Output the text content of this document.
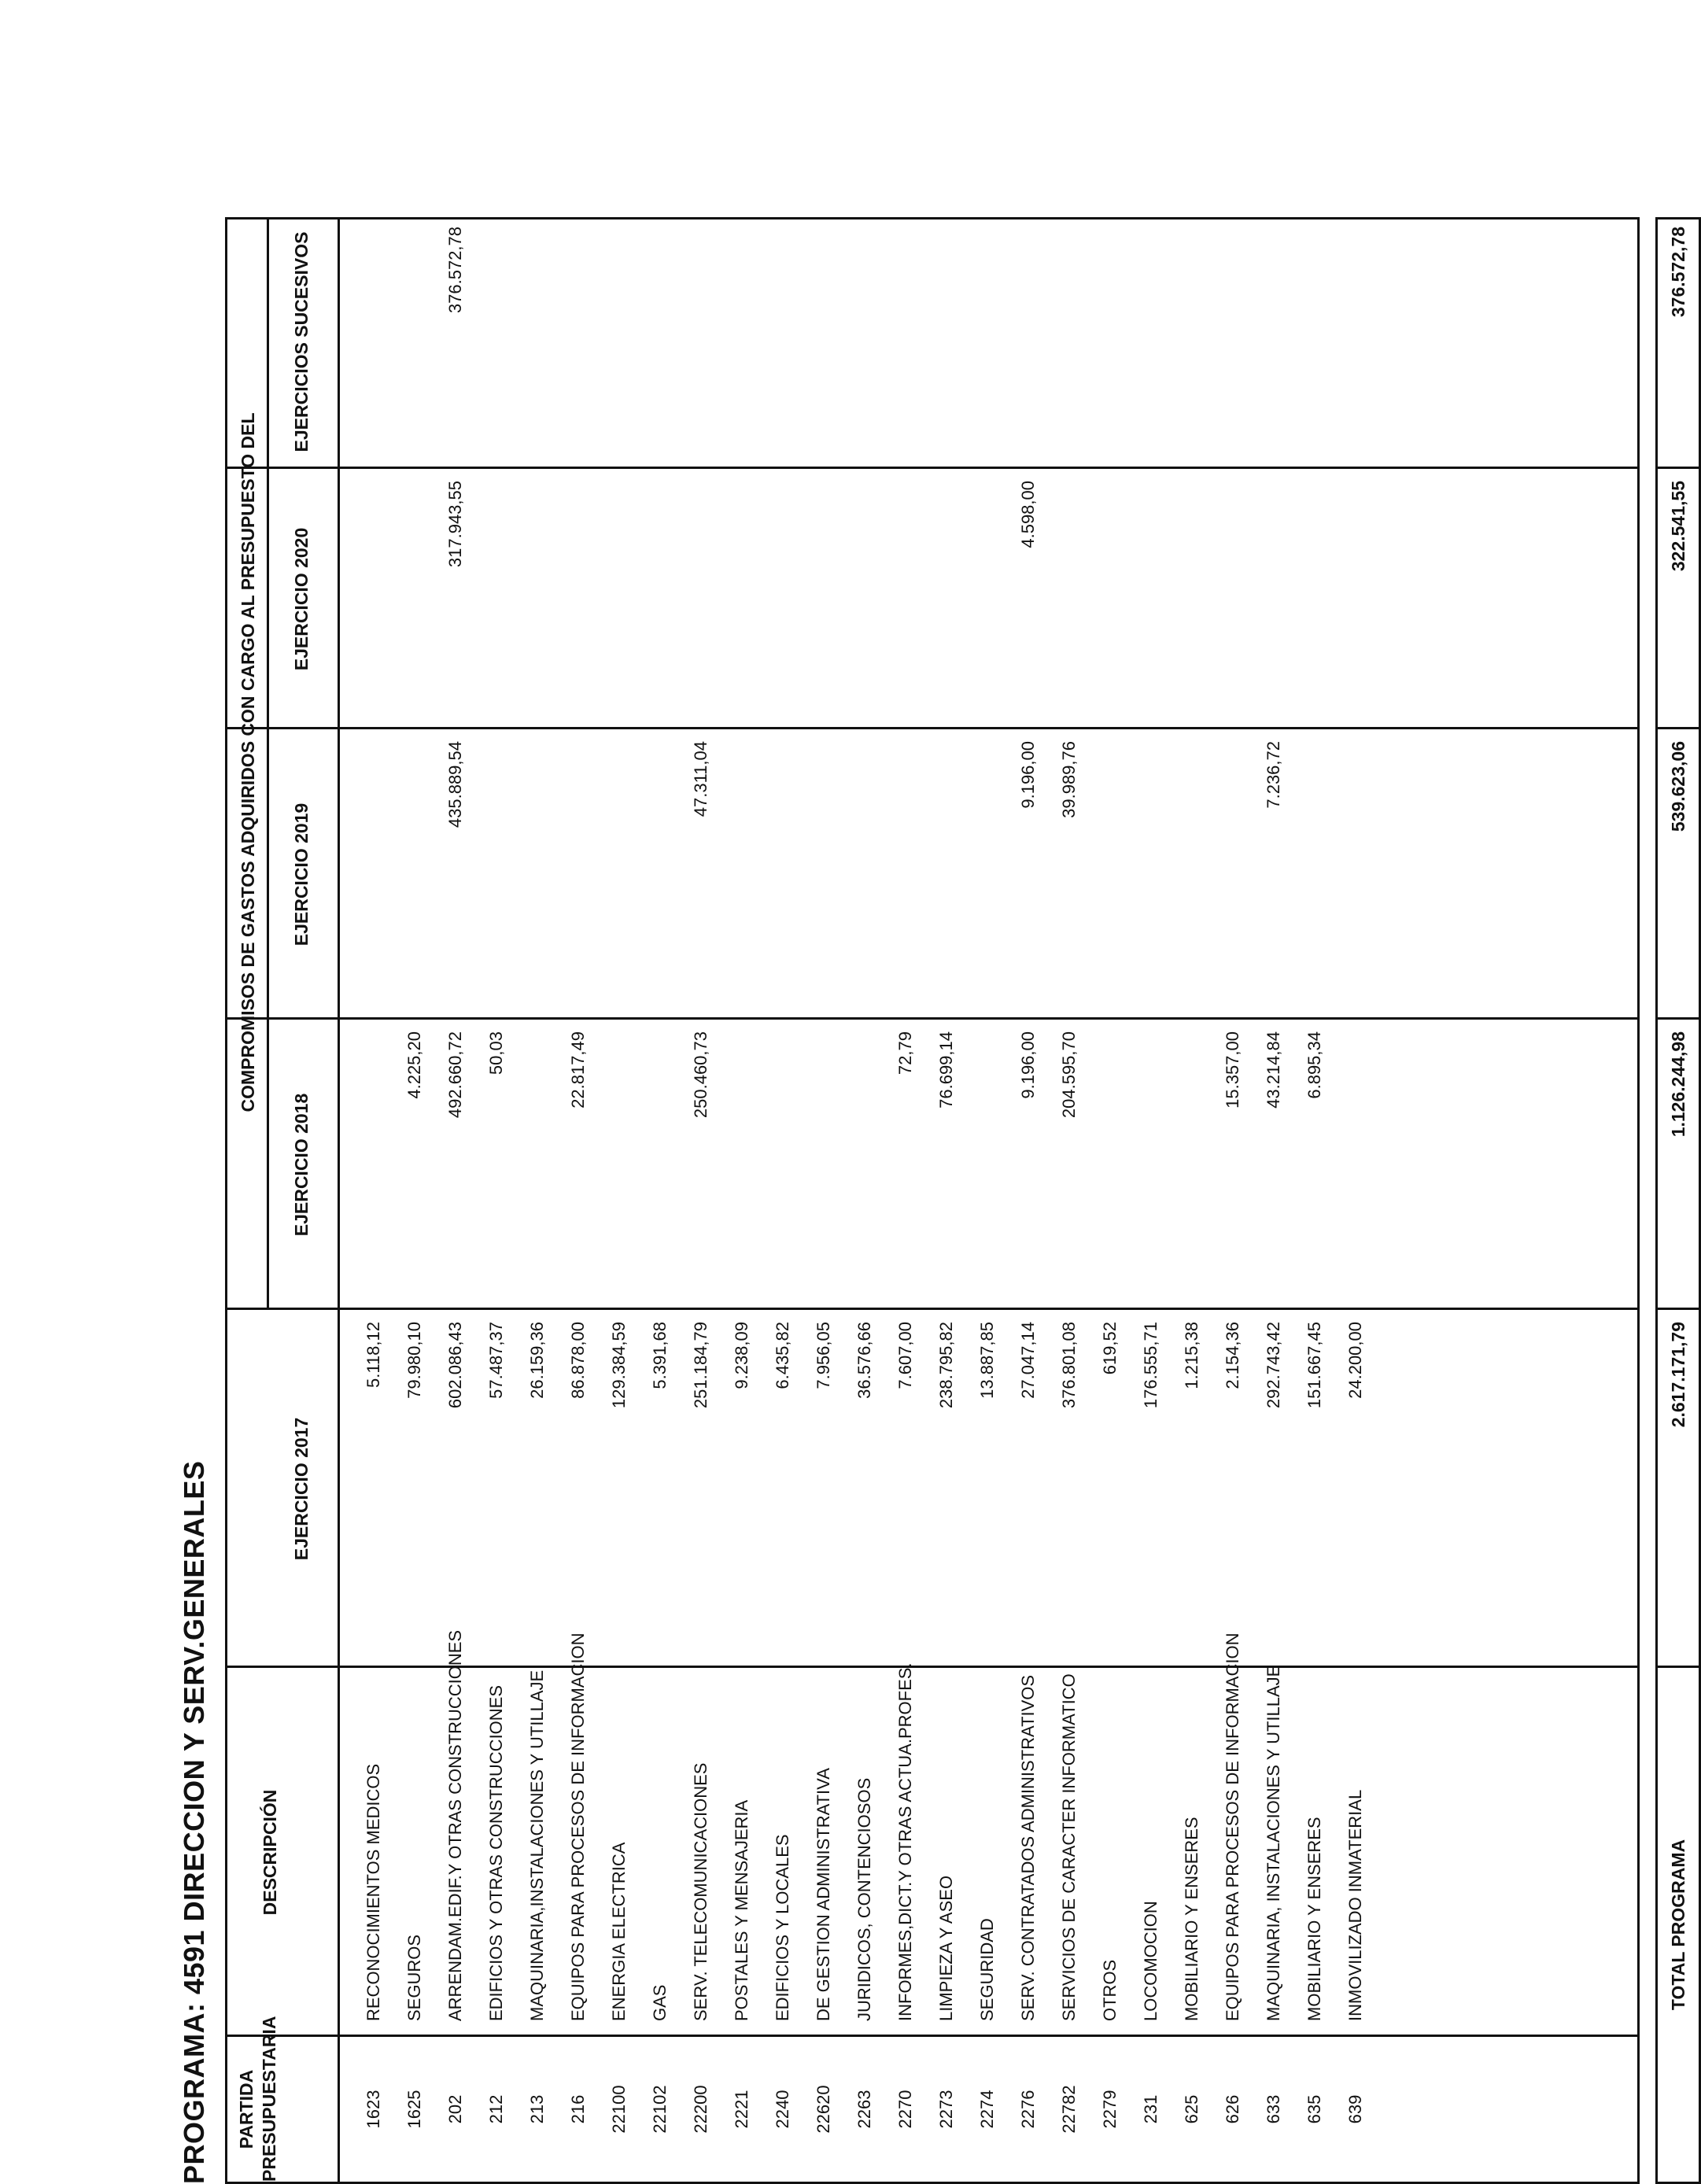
PROGRAMA: 4591 DIRECCION Y SERV.GENERALES PARTIDA PRESUPUESTARIA
DESCRIPCIÓN
COMPROMISOS DE GASTOS ADQUIRIDOS CON CARGO AL PRESUPUESTO DEL
EJERCICIO 2017
EJERCICIO 2018
EJERCICIO 2019
EJERCICIO 2020
EJERCICIOS SUCESIVOS
1623
RECONOCIMIENTOS MEDICOS
5.118,12
1625
SEGUROS
79.980,10
4.225,20
202
ARRENDAM.EDIF.Y OTRAS CONSTRUCCIONES
602.086,43
492.660,72
435.889,54
317.943,55
376.572,78
212
EDIFICIOS Y OTRAS CONSTRUCCIONES
57.487,37
50,03
213
MAQUINARIA,INSTALACIONES Y UTILLAJE
26.159,36
216
EQUIPOS PARA PROCESOS DE INFORMACION
86.878,00
22.817,49
22100
ENERGIA ELECTRICA
129.384,59
22102
GAS
5.391,68
22200
SERV. TELECOMUNICACIONES
251.184,79
250.460,73
47.311,04
2221
POSTALES Y MENSAJERIA
9.238,09
2240
EDIFICIOS Y LOCALES
6.435,82
22620
DE GESTION ADMINISTRATIVA
7.956,05
2263
JURIDICOS, CONTENCIOSOS
36.576,66
2270
INFORMES,DICT.Y OTRAS ACTUA.PROFES.
7.607,00
72,79
2273
LIMPIEZA Y ASEO
238.795,82
76.699,14
2274
SEGURIDAD
13.887,85
2276
SERV. CONTRATADOS ADMINISTRATIVOS
27.047,14
9.196,00
9.196,00
4.598,00
22782
SERVICIOS DE CARACTER INFORMATICO
376.801,08
204.595,70
39.989,76
2279
OTROS
619,52
231
LOCOMOCION
176.555,71
625
MOBILIARIO Y ENSERES
1.215,38
626
EQUIPOS PARA PROCESOS DE INFORMACION
2.154,36
15.357,00
633
MAQUINARIA, INSTALACIONES Y UTILLAJE
292.743,42
43.214,84
7.236,72
635
MOBILIARIO Y ENSERES
151.667,45
6.895,34
639
INMOVILIZADO INMATERIAL
24.200,00
TOTAL PROGRAMA
2.617.171,79
1.126.244,98
539.623,06
322.541,55
376.572,78
